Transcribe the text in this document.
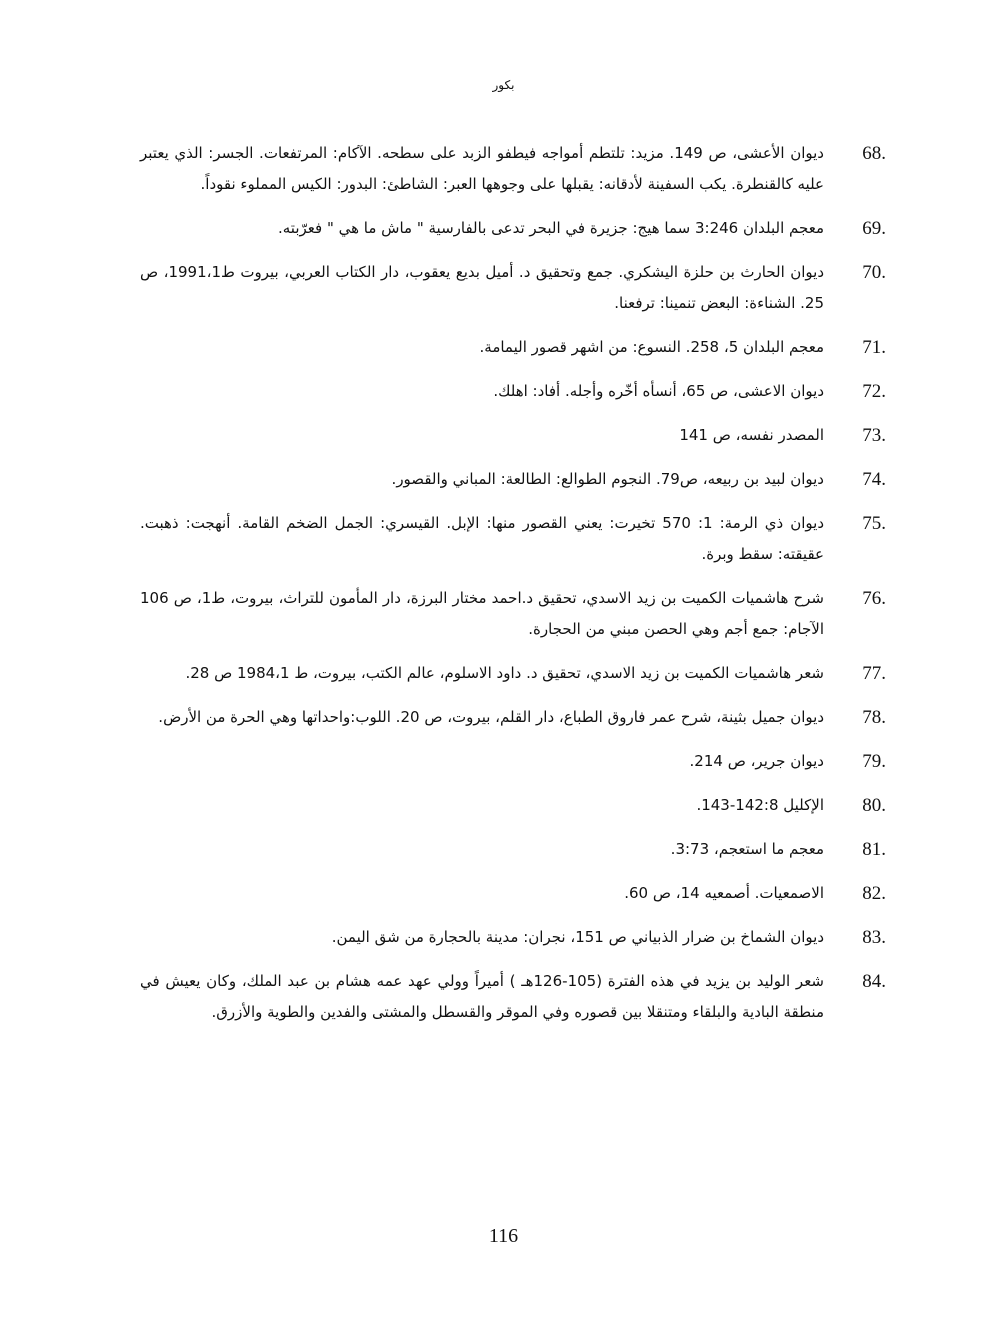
بكور
68.
ديوان الأعشى، ص 149. مزيد: تلتطم أمواجه فيطفو الزبد على سطحه. الآكام: المرتفعات. الجسر: الذي يعتبر عليه كالقنطرة. يكب السفينة لأدقانه: يقبلها على وجوهها العبر: الشاطئ: البدور: الكيس المملوء نقوداً.
69.
معجم البلدان 3:246 سما هيج: جزيرة في البحر تدعى بالفارسية " ماش ما هي " فعرّبته.
70.
ديوان الحارث بن حلزة اليشكري. جمع وتحقيق د. أميل بديع يعقوب، دار الكتاب العربي، بيروت ط1991،1، ص 25. الشناءة: البعض تنمينا: ترفعنا.
71.
معجم البلدان 5، 258. النسوع: من اشهر قصور اليمامة.
72.
ديوان الاعشى، ص 65، أنسأه أخّره وأجله. أفاد: اهلك.
73.
المصدر نفسه، ص 141
74.
ديوان لبيد بن ربيعه، ص79. النجوم الطوالع: الطالعة: المباني والقصور.
75.
ديوان ذي الرمة: 1: 570 تخيرت: يعني القصور منها: الإبل. القيسري: الجمل الضخم القامة. أنهجت: ذهبت. عقيقته: سقط وبرة.
76.
شرح هاشميات الكميت بن زيد الاسدي، تحقيق د.احمد مختار البرزة، دار المأمون للتراث، بيروت، ط1، ص 106 الآجام: جمع أجم وهي الحصن مبني من الحجارة.
77.
شعر هاشميات الكميت بن زيد الاسدي، تحقيق د. داود الاسلوم، عالم الكتب، بيروت، ط 1984،1 ص 28.
78.
ديوان جميل بثينة، شرح عمر فاروق الطباع، دار القلم، بيروت، ص 20. اللوب:واحداتها وهي الحرة من الأرض.
79.
ديوان جرير، ص 214.
80.
الإكليل 142:8-143.
81.
معجم ما استعجم، 3:73.
82.
الاصمعيات. أصمعيه 14، ص 60.
83.
ديوان الشماخ بن ضرار الذبياني ص 151، نجران: مدينة بالحجارة من شق اليمن.
84.
شعر الوليد بن يزيد في هذه الفترة (105-126هـ ) أميراً وولي عهد عمه هشام بن عبد الملك، وكان يعيش في منطقة البادية والبلقاء ومتنقلا بين قصوره وفي الموقر والقسطل والمشتى والفدين والطوية والأزرق.
116
